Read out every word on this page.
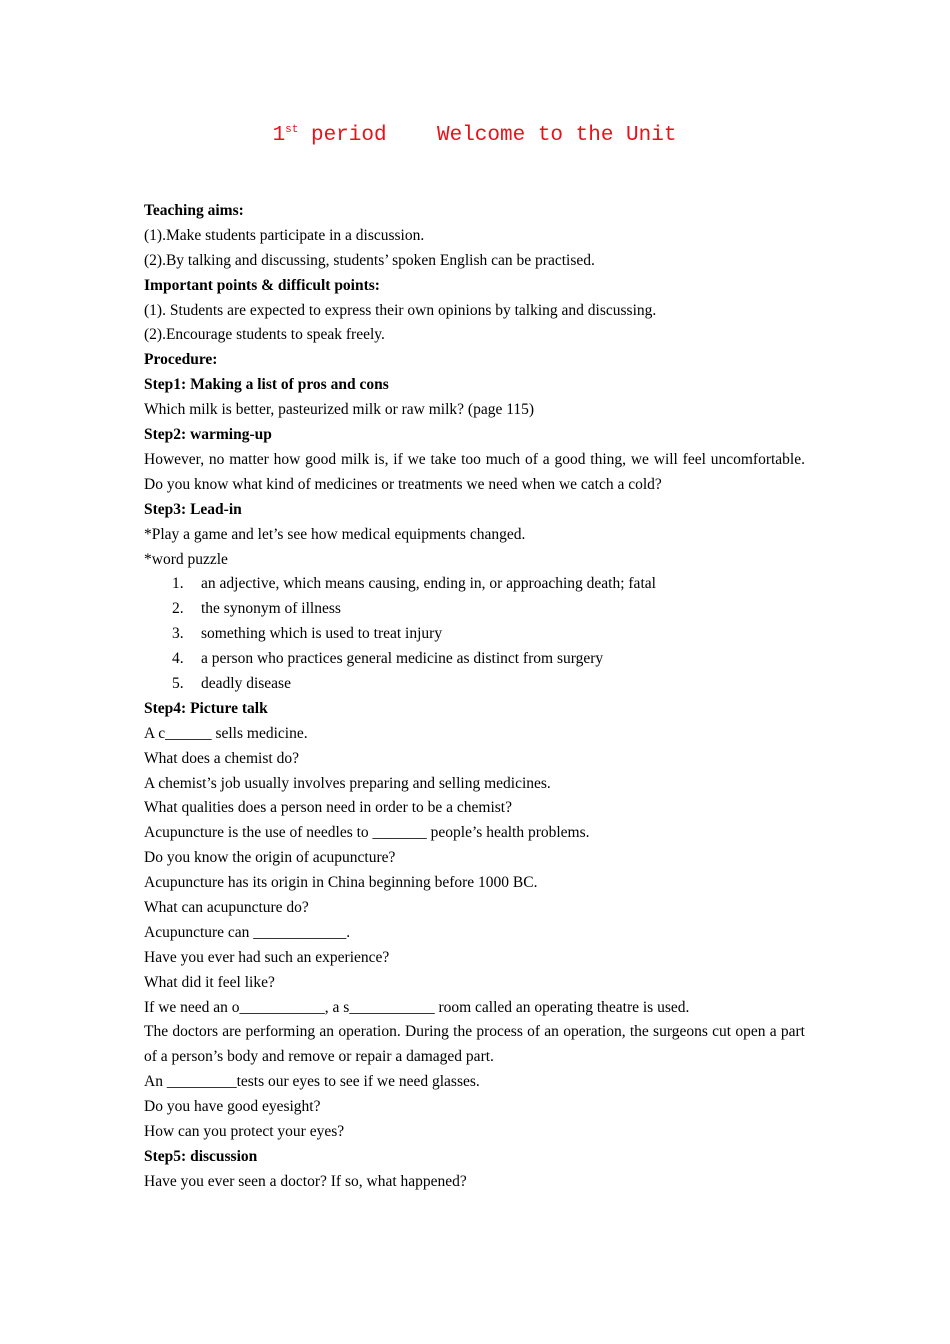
1st period    Welcome to the Unit
Teaching aims:
(1).Make students participate in a discussion.
(2).By talking and discussing, students’ spoken English can be practised.
Important points & difficult points:
(1). Students are expected to express their own opinions by talking and discussing.
(2).Encourage students to speak freely.
Procedure:
Step1: Making a list of pros and cons
Which milk is better, pasteurized milk or raw milk? (page 115)
Step2: warming-up
However, no matter how good milk is, if we take too much of a good thing, we will feel uncomfortable. Do you know what kind of medicines or treatments we need when we catch a cold?
Step3: Lead-in
*Play a game and let’s see how medical equipments changed.
*word puzzle
1. an adjective, which means causing, ending in, or approaching death; fatal
2. the synonym of illness
3. something which is used to treat injury
4. a person who practices general medicine as distinct from surgery
5. deadly disease
Step4: Picture talk
A c______ sells medicine.
What does a chemist do?
A chemist’s job usually involves preparing and selling medicines.
What qualities does a person need in order to be a chemist?
Acupuncture is the use of needles to _______ people’s health problems.
Do you know the origin of acupuncture?
Acupuncture has its origin in China beginning before 1000 BC.
What can acupuncture do?
Acupuncture can ____________.
Have you ever had such an experience?
What did it feel like?
If we need an o___________, a s___________ room called an operating theatre is used.
The doctors are performing an operation. During the process of an operation, the surgeons cut open a part of a person’s body and remove or repair a damaged part.
An _________tests our eyes to see if we need glasses.
Do you have good eyesight?
How can you protect your eyes?
Step5: discussion
Have you ever seen a doctor? If so, what happened?
